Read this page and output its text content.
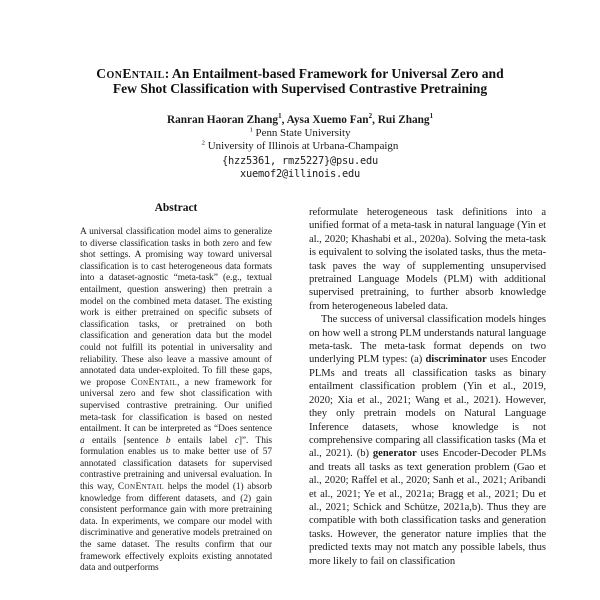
ConEntail: An Entailment-based Framework for Universal Zero and
Few Shot Classification with Supervised Contrastive Pretraining
Ranran Haoran Zhang$^1$, Aysa Xuemo Fan$^2$, Rui Zhang$^1$
$^1$ Penn State University
$^2$ University of Illinois at Urbana-Champaign
{hzz5361, rmz5227}@psu.edu
xuemof2@illinois.edu
Abstract

A universal classification model aims to generalize to diverse classification tasks in both zero and few shot settings. A promising way toward universal classification is to cast heterogeneous data formats into a dataset-agnostic “meta-task” (e.g., textual entailment, question answering) then pretrain a model on the combined meta dataset. The existing work is either pretrained on specific subsets of classification tasks, or pretrained on both classification and generation data but the model could not fulfill its potential in universality and reliability. These also leave a massive amount of annotated data under-exploited. To fill these gaps, we propose ConEntail, a new framework for universal zero and few shot classification with supervised contrastive pretraining. Our unified meta-task for classification is based on nested entailment. It can be interpreted as “Does sentence a entails [sentence b entails label c]”. This formulation enables us to make better use of 57 annotated classification datasets for supervised contrastive pretraining and universal evaluation. In this way, ConEntail helps the model (1) absorb knowledge from different datasets, and (2) gain consistent performance gain with more pretraining data. In experiments, we compare our model with discriminative and generative models pretrained on the same dataset. The results confirm that our framework effectively exploits existing annotated data and outperforms

reformulate heterogeneous task definitions into a unified format of a meta-task in natural language (Yin et al., 2020; Khashabi et al., 2020a). Solving the meta-task is equivalent to solving the isolated tasks, thus the meta-task paves the way of supplementing unsupervised pretrained Language Models (PLM) with additional supervised pretraining, to further absorb knowledge from heterogeneous labeled data.

The success of universal classification models hinges on how well a strong PLM understands natural language meta-task. The meta-task format depends on two underlying PLM types: (a) discriminator uses Encoder PLMs and treats all classification tasks as binary entailment classification problem (Yin et al., 2019, 2020; Xia et al., 2021; Wang et al., 2021). However, they only pretrain models on Natural Language Inference datasets, whose knowledge is not comprehensive comparing all classification tasks (Ma et al., 2021). (b) generator uses Encoder-Decoder PLMs and treats all tasks as text generation problem (Gao et al., 2020; Raffel et al., 2020; Sanh et al., 2021; Aribandi et al., 2021; Ye et al., 2021a; Bragg et al., 2021; Du et al., 2021; Schick and Schütze, 2021a,b). Thus they are compatible with both classification tasks and generation tasks. However, the generator nature implies that the predicted texts may not match any possible labels, thus more likely to fail on classification
